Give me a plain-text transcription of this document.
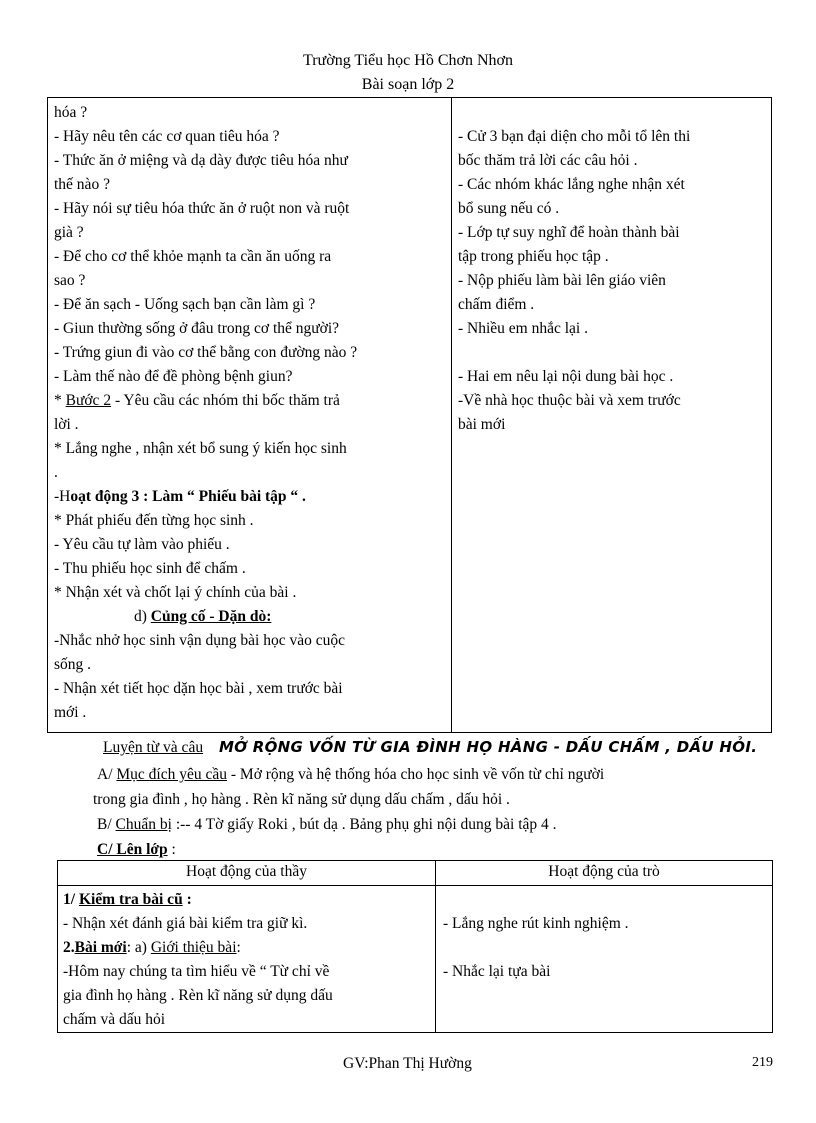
Trường Tiểu học Hồ Chơn Nhơn
Bài soạn lớp 2
hóa ?
- Hãy nêu tên các cơ quan tiêu hóa ?
- Thức ăn ở miệng và dạ dày được tiêu hóa như
thế nào ?
- Hãy nói sự tiêu hóa thức ăn ở ruột non và ruột
già ?
- Để cho cơ thể khỏe mạnh ta cần ăn uống ra
sao ?
- Để ăn sạch - Uống sạch bạn cần làm gì ?
- Giun thường sống ở đâu trong cơ thể người?
- Trứng giun đi vào cơ thể bằng con đường nào ?
- Làm thế nào để đề phòng bệnh giun?
* Bước 2 - Yêu cầu các nhóm thi bốc thăm trả
lời .
* Lắng nghe , nhận xét bổ sung ý kiến học sinh
.
-Hoạt động 3 : Làm “ Phiếu bài tập “ .
* Phát phiếu đến từng học sinh .
- Yêu cầu tự làm vào phiếu .
- Thu phiếu học sinh để chấm .
* Nhận xét và chốt lại ý chính của bài .
d) Củng cố - Dặn dò:
-Nhắc nhở học sinh vận dụng bài học vào cuộc
sống .
- Nhận xét tiết học dặn học bài , xem trước bài
mới .
- Cử 3 bạn đại diện cho mỗi tổ lên thi
bốc thăm trả lời các câu hỏi .
- Các nhóm khác lắng nghe nhận xét
bổ sung nếu có .
- Lớp tự suy nghĩ để hoàn thành bài
tập trong phiếu học tập .
- Nộp phiếu làm bài lên giáo viên
chấm điểm .
- Nhiều em nhắc lại .
- Hai em nêu lại nội dung bài học .
-Về nhà học thuộc bài và xem trước
bài mới
Luyện từ và câu MỞ RỘNG VỐN TỪ GIA ĐÌNH HỌ HÀNG - DẤU CHẤM , DẤU HỎI.
A/ Mục đích yêu cầu - Mở rộng và hệ thống hóa cho học sinh về vốn từ chỉ người
trong gia đình , họ hàng . Rèn kĩ năng sử dụng dấu chấm , dấu hỏi .
B/ Chuẩn bị :-- 4 Tờ giấy Roki , bút dạ . Bảng phụ ghi nội dung bài tập 4 .
C/ Lên lớp :
Hoạt động của thầy	Hoạt động của trò
1/ Kiểm tra bài cũ :
- Nhận xét đánh giá bài kiểm tra giữ kì.
2.Bài mới: a) Giới thiệu bài:
-Hôm nay chúng ta tìm hiểu về “ Từ chỉ về
gia đình họ hàng . Rèn kĩ năng sử dụng dấu
chấm và dấu hỏi
- Lắng nghe rút kinh nghiệm .
- Nhắc lại tựa bài
GV:Phan Thị Hường	219
